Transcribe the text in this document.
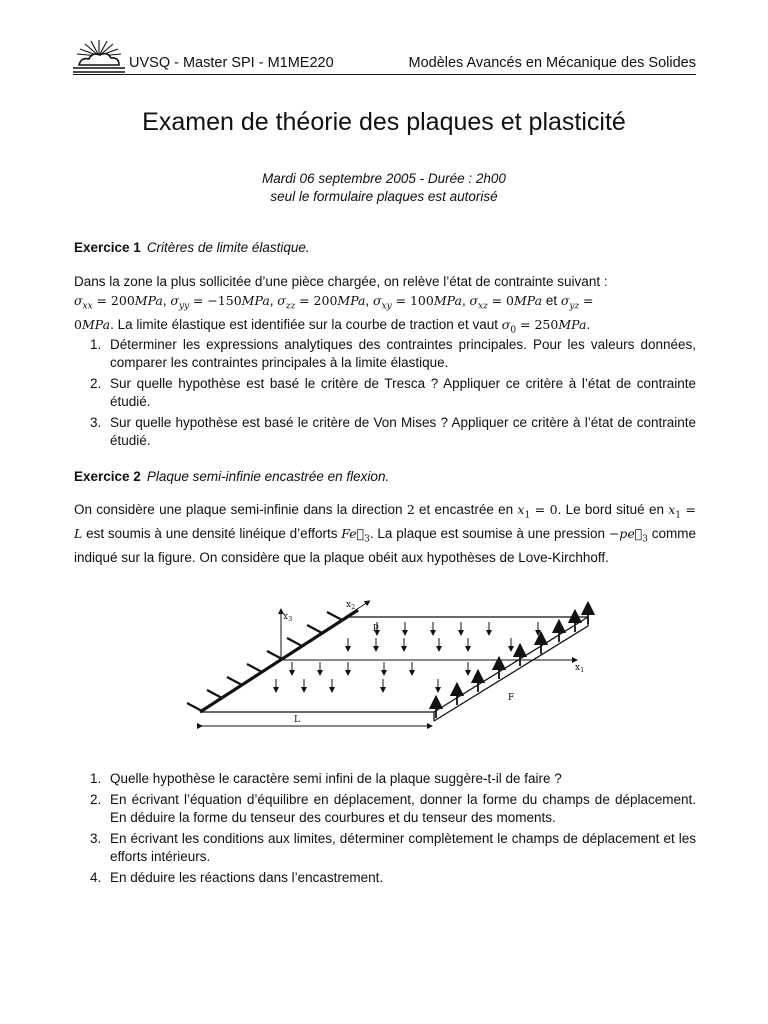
UVSQ - Master SPI - M1ME220	Modèles Avancés en Mécanique des Solides
Examen de théorie des plaques et plasticité
Mardi 06 septembre 2005 - Durée : 2h00
seul le formulaire plaques est autorisé
Exercice 1 Critères de limite élastique.
Dans la zone la plus sollicitée d’une pièce chargée, on relève l’état de contrainte suivant :
$\sigma_{xx} = 200MPa$, $\sigma_{yy} = -150MPa$, $\sigma_{zz} = 200MPa$, $\sigma_{xy} = 100MPa$, $\sigma_{xz} = 0MPa$ et $\sigma_{yz}$ =
0MPa. La limite élastique est identifiée sur la courbe de traction et vaut $\sigma_0 = 250MPa$.
1. Déterminer les expressions analytiques des contraintes principales. Pour les valeurs données, comparer les contraintes principales à la limite élastique.
2. Sur quelle hypothèse est basé le critère de Tresca ? Appliquer ce critère à l’état de contrainte étudié.
3. Sur quelle hypothèse est basé le critère de Von Mises ? Appliquer ce critère à l’état de contrainte étudié.
Exercice 2 Plaque semi-infinie encastrée en flexion.
On considère une plaque semi-infinie dans la direction 2 et encastrée en $x_1 = 0$. Le bord situé en $x_1 = L$ est soumis à une densité linéique d’efforts $Fe⃗_3$. La plaque est soumise à une pression $-pe⃗_3$ comme indiqué sur la figure. On considère que la plaque obéit aux hypothèses de Love-Kirchhoff.
$x_3$
$x_2$
$x_1$
p
F
L
1. Quelle hypothèse le caractère semi infini de la plaque suggère-t-il de faire ?
2. En écrivant l’équation d’équilibre en déplacement, donner la forme du champs de déplacement. En déduire la forme du tenseur des courbures et du tenseur des moments.
3. En écrivant les conditions aux limites, déterminer complètement le champs de déplacement et les efforts intérieurs.
4. En déduire les réactions dans l’encastrement.
